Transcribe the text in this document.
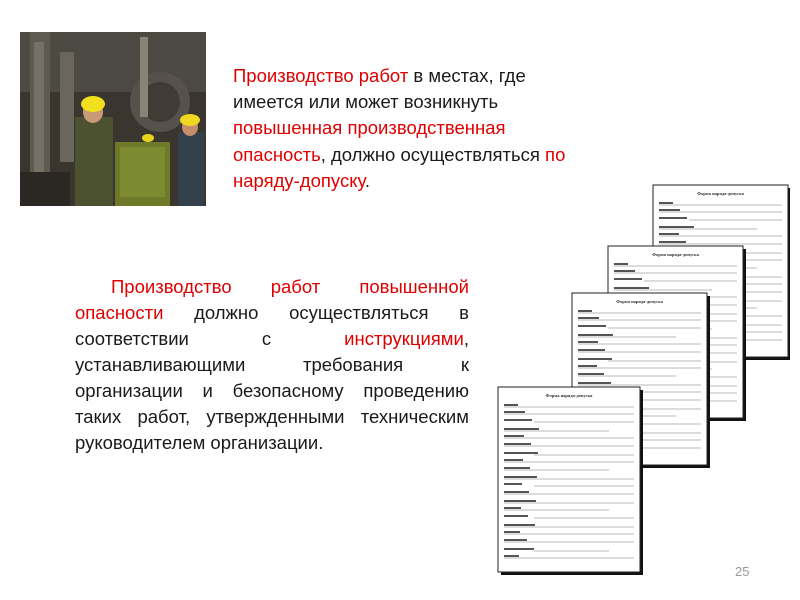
Производство работ в местах, где имеется или может возникнуть повышенная производственная опасность, должно осуществляться по наряду-допуску.

Производство работ повышенной опасности должно осуществляться в соответствии с инструкциями, устанавливающими требования к организации и безопасному проведению таких работ, утвержденными техническим руководителем организации.

Форма наряда-допуска
Форма наряда-допуска
Форма наряда-допуска
Форма наряда-допуска
25
